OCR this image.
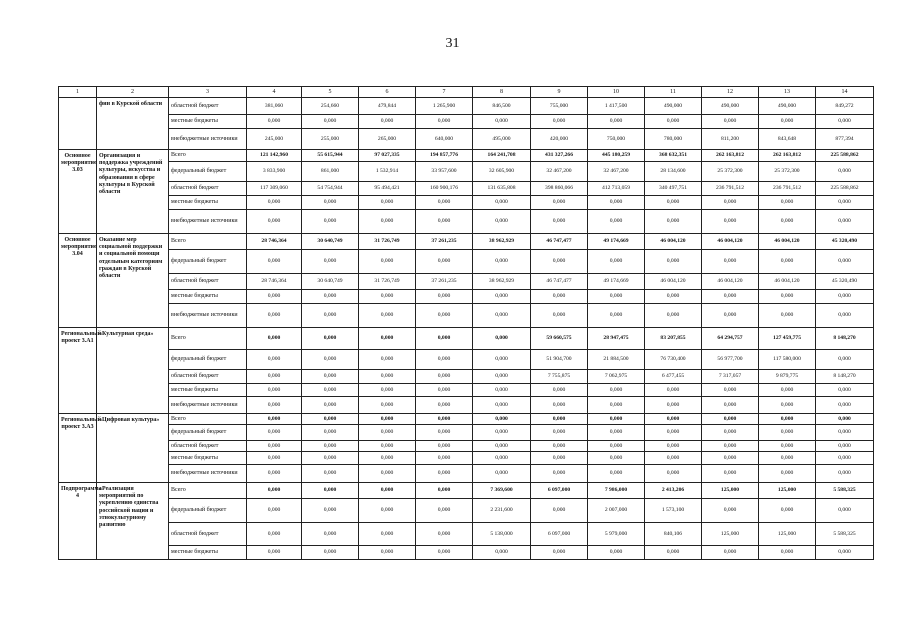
31
1	2	3	4	5	6	7	8	9	10	11	12	13	14
	фин в Курской области	областной бюджет	381,060	254,660	479,844	1 265,900	846,500	755,000	1 417,500	490,000	490,000	490,000	849,272
		местные бюджеты	0,000	0,000	0,000	0,000	0,000	0,000	0,000	0,000	0,000	0,000	0,000
		внебюджетные источники	245,000	255,000	265,000	640,000	495,000	420,000	750,000	780,000	811,200	843,648	877,394
Основное мероприятие 3.03	Организация и поддержка учреждений культуры, искусства и образования в сфере культуры в Курской области	Всего	121 142,960	55 615,944	97 027,335	194 857,776	164 241,708	431 327,266	445 180,259	368 632,351	262 163,812	262 163,812	225 588,862
		федеральный бюджет	3 833,900	861,000	1 532,914	33 957,600	32 605,900	32 467,200	32 467,200	28 134,600	25 372,300	25 372,300	0,000
		областной бюджет	117 309,060	54 754,944	95 494,421	160 900,176	131 635,808	398 860,066	412 713,059	340 497,751	236 791,512	236 791,512	225 588,862
		местные бюджеты	0,000	0,000	0,000	0,000	0,000	0,000	0,000	0,000	0,000	0,000	0,000
		внебюджетные источники	0,000	0,000	0,000	0,000	0,000	0,000	0,000	0,000	0,000	0,000	0,000
Основное мероприятие 3.04	Оказание мер социальной поддержки и социальной помощи отдельным категориям граждан в Курской области	Всего	28 746,364	30 640,749	31 726,749	37 261,235	38 962,929	46 747,477	49 174,669	46 004,120	46 004,120	46 004,120	45 320,490
		федеральный бюджет	0,000	0,000	0,000	0,000	0,000	0,000	0,000	0,000	0,000	0,000	0,000
		областной бюджет	28 746,364	30 640,749	31 726,749	37 261,235	38 962,929	46 747,477	49 174,669	46 004,120	46 004,120	46 004,120	45 320,490
		местные бюджеты	0,000	0,000	0,000	0,000	0,000	0,000	0,000	0,000	0,000	0,000	0,000
		внебюджетные источники	0,000	0,000	0,000	0,000	0,000	0,000	0,000	0,000	0,000	0,000	0,000
Региональный проект 3.А1	«Культурная среда»	Всего	0,000	0,000	0,000	0,000	0,000	59 660,575	28 947,475	83 207,855	64 294,757	127 459,775	8 148,270
		федеральный бюджет	0,000	0,000	0,000	0,000	0,000	51 904,700	21 884,500	76 730,400	56 977,700	117 580,000	0,000
		областной бюджет	0,000	0,000	0,000	0,000	0,000	7 755,875	7 062,975	6 477,455	7 317,057	9 879,775	8 148,270
		местные бюджеты	0,000	0,000	0,000	0,000	0,000	0,000	0,000	0,000	0,000	0,000	0,000
		внебюджетные источники	0,000	0,000	0,000	0,000	0,000	0,000	0,000	0,000	0,000	0,000	0,000
Региональный проект 3.А3	«Цифровая культура»	Всего	0,000	0,000	0,000	0,000	0,000	0,000	0,000	0,000	0,000	0,000	0,000
		федеральный бюджет	0,000	0,000	0,000	0,000	0,000	0,000	0,000	0,000	0,000	0,000	0,000
		областной бюджет	0,000	0,000	0,000	0,000	0,000	0,000	0,000	0,000	0,000	0,000	0,000
		местные бюджеты	0,000	0,000	0,000	0,000	0,000	0,000	0,000	0,000	0,000	0,000	0,000
		внебюджетные источники	0,000	0,000	0,000	0,000	0,000	0,000	0,000	0,000	0,000	0,000	0,000
Подпрограмма 4	«Реализация мероприятий по укреплению единства российской нации и этнокультурному развитию	Всего	0,000	0,000	0,000	0,000	7 369,600	6 097,000	7 986,000	2 413,206	125,000	125,000	5 588,325
		федеральный бюджет	0,000	0,000	0,000	0,000	2 231,600	0,000	2 007,000	1 573,100	0,000	0,000	0,000
		областной бюджет	0,000	0,000	0,000	0,000	5 138,000	6 097,000	5 979,000	840,106	125,000	125,000	5 588,325
		местные бюджеты	0,000	0,000	0,000	0,000	0,000	0,000	0,000	0,000	0,000	0,000	0,000
